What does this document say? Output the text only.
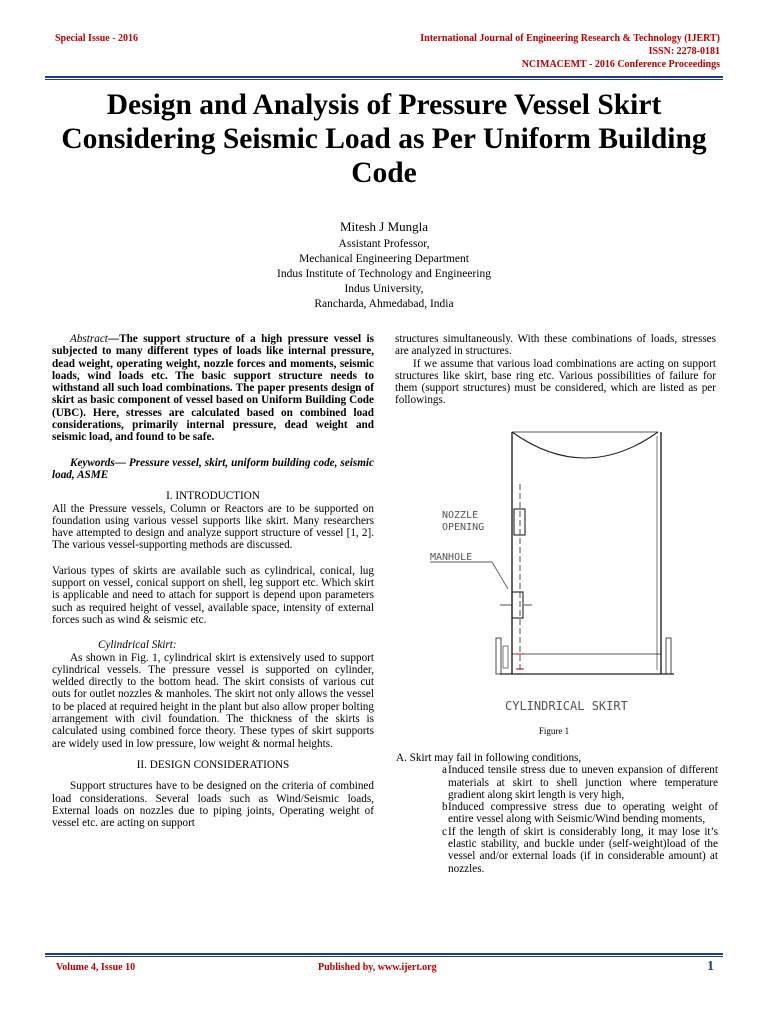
Special Issue - 2016	International Journal of Engineering Research & Technology (IJERT)
ISSN: 2278-0181
NCIMACEMT - 2016 Conference Proceedings
Design and Analysis of Pressure Vessel Skirt Considering Seismic Load as Per Uniform Building Code
Mitesh J Mungla
Assistant Professor,
Mechanical Engineering Department
Indus Institute of Technology and Engineering
Indus University,
Rancharda, Ahmedabad, India

Abstract—The support structure of a high pressure vessel is subjected to many different types of loads like internal pressure, dead weight, operating weight, nozzle forces and moments, seismic loads, wind loads etc. The basic support structure needs to withstand all such load combinations. The paper presents design of skirt as basic component of vessel based on Uniform Building Code (UBC). Here, stresses are calculated based on combined load considerations, primarily internal pressure, dead weight and seismic load, and found to be safe.

Keywords— Pressure vessel, skirt, uniform building code, seismic load, ASME

I. INTRODUCTION

All the Pressure vessels, Column or Reactors are to be supported on foundation using various vessel supports like skirt. Many researchers have attempted to design and analyze support structure of vessel [1, 2]. The various vessel-supporting methods are discussed.

Various types of skirts are available such as cylindrical, conical, lug support on vessel, conical support on shell, leg support etc. Which skirt is applicable and need to attach for support is depend upon parameters such as required height of vessel, available space, intensity of external forces such as wind & seismic etc.

Cylindrical Skirt:

As shown in Fig. 1, cylindrical skirt is extensively used to support cylindrical vessels. The pressure vessel is supported on cylinder, welded directly to the bottom head. The skirt consists of various cut outs for outlet nozzles & manholes. The skirt not only allows the vessel to be placed at required height in the plant but also allow proper bolting arrangement with civil foundation. The thickness of the skirts is calculated using combined force theory. These types of skirt supports are widely used in low pressure, low weight & normal heights.

II. DESIGN CONSIDERATIONS

Support structures have to be designed on the criteria of combined load considerations. Several loads such as Wind/Seismic loads, External loads on nozzles due to piping joints, Operating weight of vessel etc. are acting on support

structures simultaneously. With these combinations of loads, stresses are analyzed in structures.

If we assume that various load combinations are acting on support structures like skirt, base ring etc. Various possibilities of failure for them (support structures) must be considered, which are listed as per followings.

NOZZLE
OPENING
MANHOLE
CYLINDRICAL SKIRT
Figure 1
A. Skirt may fail in following conditions,
a Induced tensile stress due to uneven expansion of different materials at skirt to shell junction where temperature gradient along skirt length is very high,
b Induced compressive stress due to operating weight of entire vessel along with Seismic/Wind bending moments,
c If the length of skirt is considerably long, it may lose it’s elastic stability, and buckle under (self-weight)load of the vessel and/or external loads (if in considerable amount) at nozzles.
Volume 4, Issue 10	Published by, www.ijert.org	1
